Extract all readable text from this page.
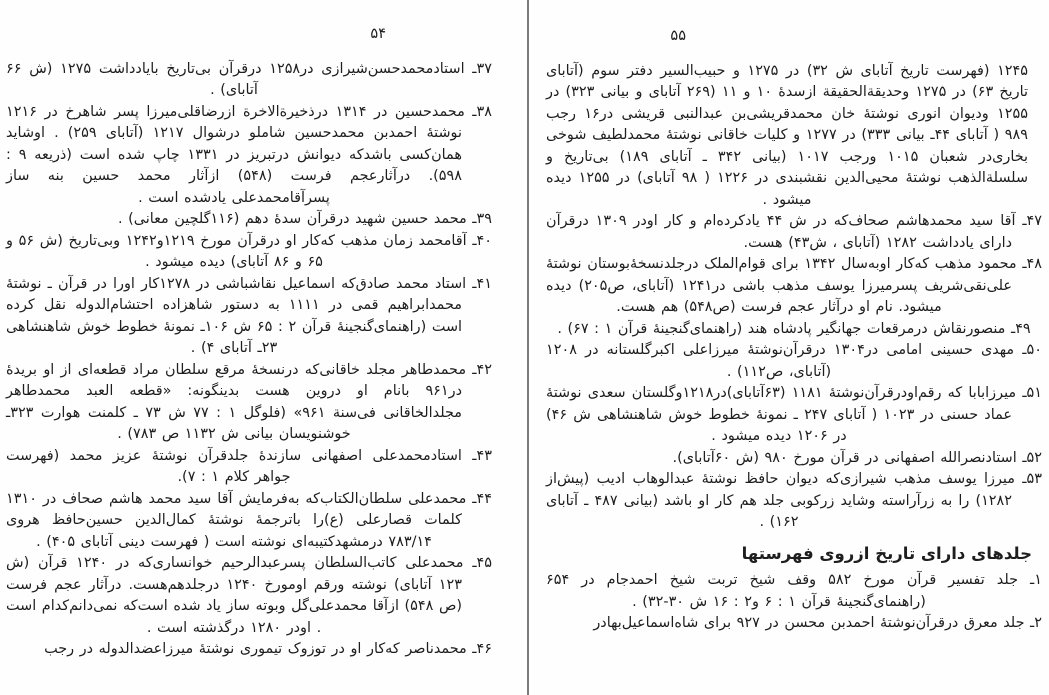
۵۴

۳۷ـ استادمحمدحسن‌شیرازی در۱۲۵۸ درقرآن بی‌تاریخ بایادداشت ۱۲۷۵ (ش ۶۶ آتابای) .

۳۸ـ محمدحسین در ۱۳۱۴ درذخیرةالاخرة ازرضاقلی‌میرزا پسر شاهرخ در ۱۲۱۶ نوشتهٔ احمدبن محمدحسین شاملو درشوال ۱۲۱۷ (آتابای ۲۵۹) . اوشاید همان‌کسی باشدکه دیوانش درتبریز در ۱۳۳۱ چاپ شده است (ذریعه ۹ : ۵۹۸). درآثارعجم فرست (۵۴۸) ازآثار محمد حسین بنه ساز پسرآقامحمدعلی یادشده است .

۳۹ـ محمد حسین شهید درقرآن سدهٔ دهم (۱۱۶گلچین معانی) .

۴۰ـ آقامحمد زمان مذهب که‌کار او درقرآن مورخ ۱۲۱۹و۱۲۴۲ وبی‌تاریخ (ش ۵۶ و ۶۵ و ۸۶ آتابای) دیده میشود .

۴۱ـ استاد محمد صادق‌که اسماعیل نقاشباشی در ۱۲۷۸کار اورا در قرآن ـ نوشتهٔ محمدابراهیم قمی در ۱۱۱۱ به دستور شاهزاده احتشام‌الدوله نقل کرده است (راهنمای‌گنجینهٔ قرآن ۲ : ۶۵ ش ۱۰۶ـ نمونهٔ خطوط خوش شاهنشاهی ۲۳ـ آتابای ۴) .

۴۲ـ محمدطاهر مجلد خاقانی‌که درنسخهٔ مرقع سلطان مراد قطعه‌ای از او بریدهٔ در۹۶۱ بانام او دروین هست بدینگونه: «قطعه العبد محمدطاهر مجلدالخاقانی فی‌سنة ۹۶۱» (فلوگل ۱ : ۷۷ ش ۷۳ ـ کلمنت هوارت ۳۲۳ـ خوشنویسان بیانی ش ۱۱۳۲ ص ۷۸۳) .

۴۳ـ استادمحمدعلی اصفهانی سازندهٔ جلدقرآن نوشتهٔ عزیز محمد (فهرست جواهر کلام ۱ : ۷).

۴۴ـ محمدعلی سلطان‌الکتاب‌که به‌فرمایش آقا سید محمد هاشم صحاف در ۱۳۱۰ کلمات قصارعلی (ع)را باترجمهٔ نوشتهٔ کمال‌الدین حسین‌حافظ هروی ۷۸۳/۱۴ درمشهدکتیبه‌ای نوشته است ( فهرست دینی آتابای ۴۰۵) .

۴۵ـ محمدعلی کاتب‌السلطان پسرعبدالرحیم خوانساری‌که در ۱۲۴۰ قرآن (ش ۱۲۳ آتابای) نوشته ورقم اومورخ ۱۲۴۰ درجلدهم‌هست. درآثار عجم فرست (ص ۵۴۸) ازآقا محمدعلی‌گل وبوته ساز یاد شده است‌که نمی‌دانم‌کدام است . اودر ۱۲۸۰ درگذشته است .

۴۶ـ محمدناصر که‌کار او در توزوک تیموری نوشتهٔ میرزاعضدالدوله در رجب

۵۵

۱۲۴۵ (فهرست تاریخ آتابای ش ۳۲) در ۱۲۷۵ و حبیب‌السیر دفتر سوم (آتابای تاریخ ۶۳) در ۱۲۷۵ وحدیقةالحقیقة ازسدهٔ ۱۰ و ۱۱ (۲۶۹ آتابای و بیانی ۳۲۳) در ۱۲۵۵ ودیوان انوری نوشتهٔ خان محمدقریشی‌بن عبدالنبی قریشی در۱۶ رجب ۹۸۹ ( آتابای ۴۴ـ بیانی ۳۳۳) در ۱۲۷۷ و کلیات خاقانی نوشتهٔ محمدلطیف شوخی بخاری‌در شعبان ۱۰۱۵ ورجب ۱۰۱۷ (بیانی ۳۴۲ ـ آتابای ۱۸۹) بی‌تاریخ و سلسلةالذهب نوشتهٔ محیی‌الدین نقشبندی در ۱۲۲۶ ( ۹۸ آتابای) در ۱۲۵۵ دیده میشود .

۴۷ـ آقا سید محمدهاشم صحاف‌که در ش ۴۴ یادکرده‌ام و کار اودر ۱۳۰۹ درقرآن دارای یادداشت ۱۲۸۲ (آتابای ، ش۴۳) هست.

۴۸ـ محمود مذهب که‌کار اوبه‌سال ۱۳۴۲ برای قوام‌الملک درجلدنسخهٔ‌بوستان نوشتهٔ علی‌نقی‌شریف پسرمیرزا یوسف مذهب باشی در۱۲۴۱ (آتابای، ص۲۰۵) دیده میشود. نام او درآثار عجم فرست (ص۵۴۸) هم هست.

۴۹ـ منصورنقاش درمرقعات جهانگیر پادشاه هند (راهنمای‌گنجینهٔ قرآن ۱ : ۶۷) .

۵۰ـ مهدی حسینی امامی در۱۳۰۴ درقرآن‌نوشتهٔ میرزاعلی اکبرگلستانه در ۱۲۰۸ (آتابای، ص۱۱۲) .

۵۱ـ میرزابابا که رقم‌اودرقرآن‌نوشتهٔ ۱۱۸۱ (۶۳آتابای)در۱۲۱۸وگلستان سعدی نوشتهٔ عماد حسنی در ۱۰۲۳ ( آتابای ۲۴۷ ـ نمونهٔ خطوط خوش شاهنشاهی ش ۴۶) در ۱۲۰۶ دیده میشود .

۵۲ـ استادنصرالله اصفهانی در قرآن مورخ ۹۸۰ (ش ۶۰آتابای).

۵۳ـ میرزا یوسف مذهب شیرازی‌که دیوان حافظ نوشتهٔ عبدالوهاب ادیب (پیش‌از ۱۲۸۲) را به زرآراسته وشاید زرکوبی جلد هم کار او باشد (بیانی ۴۸۷ ـ آتابای ۱۶۲) .

جلدهای دارای تاریخ ازروی فهرستها

۱ـ جلد تفسیر قرآن مورخ ۵۸۲ وقف شیخ تربت شیخ احمدجام در ۶۵۴ (راهنمای‌گنجینهٔ قرآن ۱ : ۶ و۲ : ۱۶ ش ۳۰-۳۲) .

۲ـ جلد معرق درقرآن‌نوشتهٔ احمدبن محسن در ۹۲۷ برای شاه‌اسماعیل‌بهادر
